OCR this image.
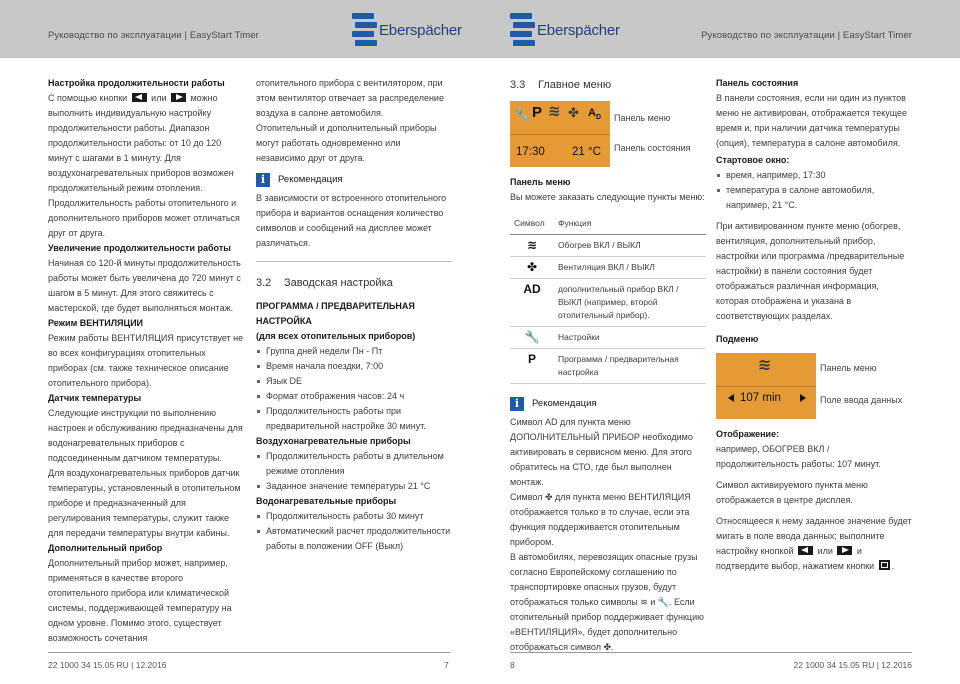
Руководство по эксплуатации | EasyStart Timer	Eberspächer	Eberspächer	Руководство по эксплуатации | EasyStart Timer

Настройка продолжительности работы

С помощью кнопки  или  можно выполнить индивидуальную настройку продолжительности работы. Диапазон продолжительности работы: от 10 до 120 минут с шагами в 1 минуту. Для воздухонагревательных приборов возможен продолжительный режим отопления. Продолжительность работы отопительного и дополнительного приборов может отличаться друг от друга.

Увеличение продолжительности работы

Начиная со 120-й минуты продолжительность работы может быть увеличена до 720 минут с шагом в 5 минут. Для этого свяжитесь с мастерской, где будет выполняться монтаж.

Режим ВЕНТИЛЯЦИИ

Режим работы ВЕНТИЛЯЦИЯ присутствует не во всех конфигурациях отопительных приборах (см. также техническое описание отопительного прибора).

Датчик температуры

Следующие инструкции по выполнению настроек и обслуживанию предназначены для водонагревательных приборов с подсоединенным датчиком температуры.

Для воздухонагревательных приборов датчик температуры, установленный в отопительном приборе и предназначенный для регулирования температуры, служит также для передачи температуры внутри кабины.

Дополнительный прибор

Дополнительный прибор может, например, применяться в качестве второго отопительного прибора или климатической системы, поддерживающей температуру на одном уровне. Помимо этого, существует возможность сочетания

отопительного прибора с вентилятором, при этом вентилятор отвечает за распределение воздуха в салоне автомобиля.

Отопительный и дополнительный приборы могут работать одновременно или независимо друг от друга.

i	Рекомендация

В зависимости от встроенного отопительного прибора и вариантов оснащения количество символов и сообщений на дисплее может различаться.

3.2 Заводская настройка

ПРОГРАММА / ПРЕДВАРИТЕЛЬНАЯ НАСТРОЙКА

(для всех отопительных приборов)

Группа дней недели Пн - Пт
Время начала поездки, 7:00
Язык DE
Формат отображения часов: 24 ч
Продолжительность работы при предварительной настройке 30 минут.

Воздухонагревательные приборы

Продолжительность работы в длительном режиме отопления
Заданное значение температуры 21 °C

Водонагревательные приборы

Продолжительность работы 30 минут
Автоматический расчет продолжительности работы в положении OFF (Выкл)
3.3 Главное меню
🔧 P ≋ ✤ $A_D$
17:30 21 °C
Панель меню
Панель состояния

Панель меню

Вы можете заказать следующие пункты меню:

Символ	Функция
≋	Обогрев ВКЛ / ВЫКЛ
✤	Вентиляция ВКЛ / ВЫКЛ
AD	дополнительный прибор ВКЛ / ВЫКЛ (например, второй отопительный прибор).
🔧	Настройки
P	Программа / предварительная настройка
i	Рекомендация

Символ AD для пункта меню ДОПОЛНИТЕЛЬНЫЙ ПРИБОР необходимо активировать в сервисном меню. Для этого обратитесь на СТО, где был выполнен монтаж.

Символ ✤ для пункта меню ВЕНТИЛЯЦИЯ отображается только в то случае, если эта функция поддерживается отопительным прибором.

В автомобилях, перевозящих опасные грузы согласно Европейскому соглашению по транспортировке опасных грузов, будут отображаться только символы ≋ и 🔧. Если отопительный прибор поддерживает функцию «ВЕНТИЛЯЦИЯ», будет дополнительно отображаться символ ✤.

Панель состояния

В панели состояния, если ни один из пунктов меню не активирован, отображается текущее время и, при наличии датчика температуры (опция), температура в салоне автомобиля.

Стартовое окно:

время, например, 17:30
температура в салоне автомобиля, например, 21 °C.

При активированном пункте меню (обогрев, вентиляция, дополнительный прибор, настройки или программа /предварительные настройки) в панели состояния будет отображаться различная информация, которая отображена и указана в соответствующих разделах.

Подменю

≋
107 min
Панель меню
Поле ввода данных

Отображение:

например, ОБОГРЕВ ВКЛ / продолжительность работы: 107 минут.

Символ активируемого пункта меню отображается в центре дисплея.

Относящееся к нему заданное значение будет мигать в поле ввода данных; выполните настройку кнопкой  или  и подтвердите выбор, нажатием кнопки .

22 1000 34 15.05 RU | 12.2016	7	8	22 1000 34 15.05 RU | 12.2016
